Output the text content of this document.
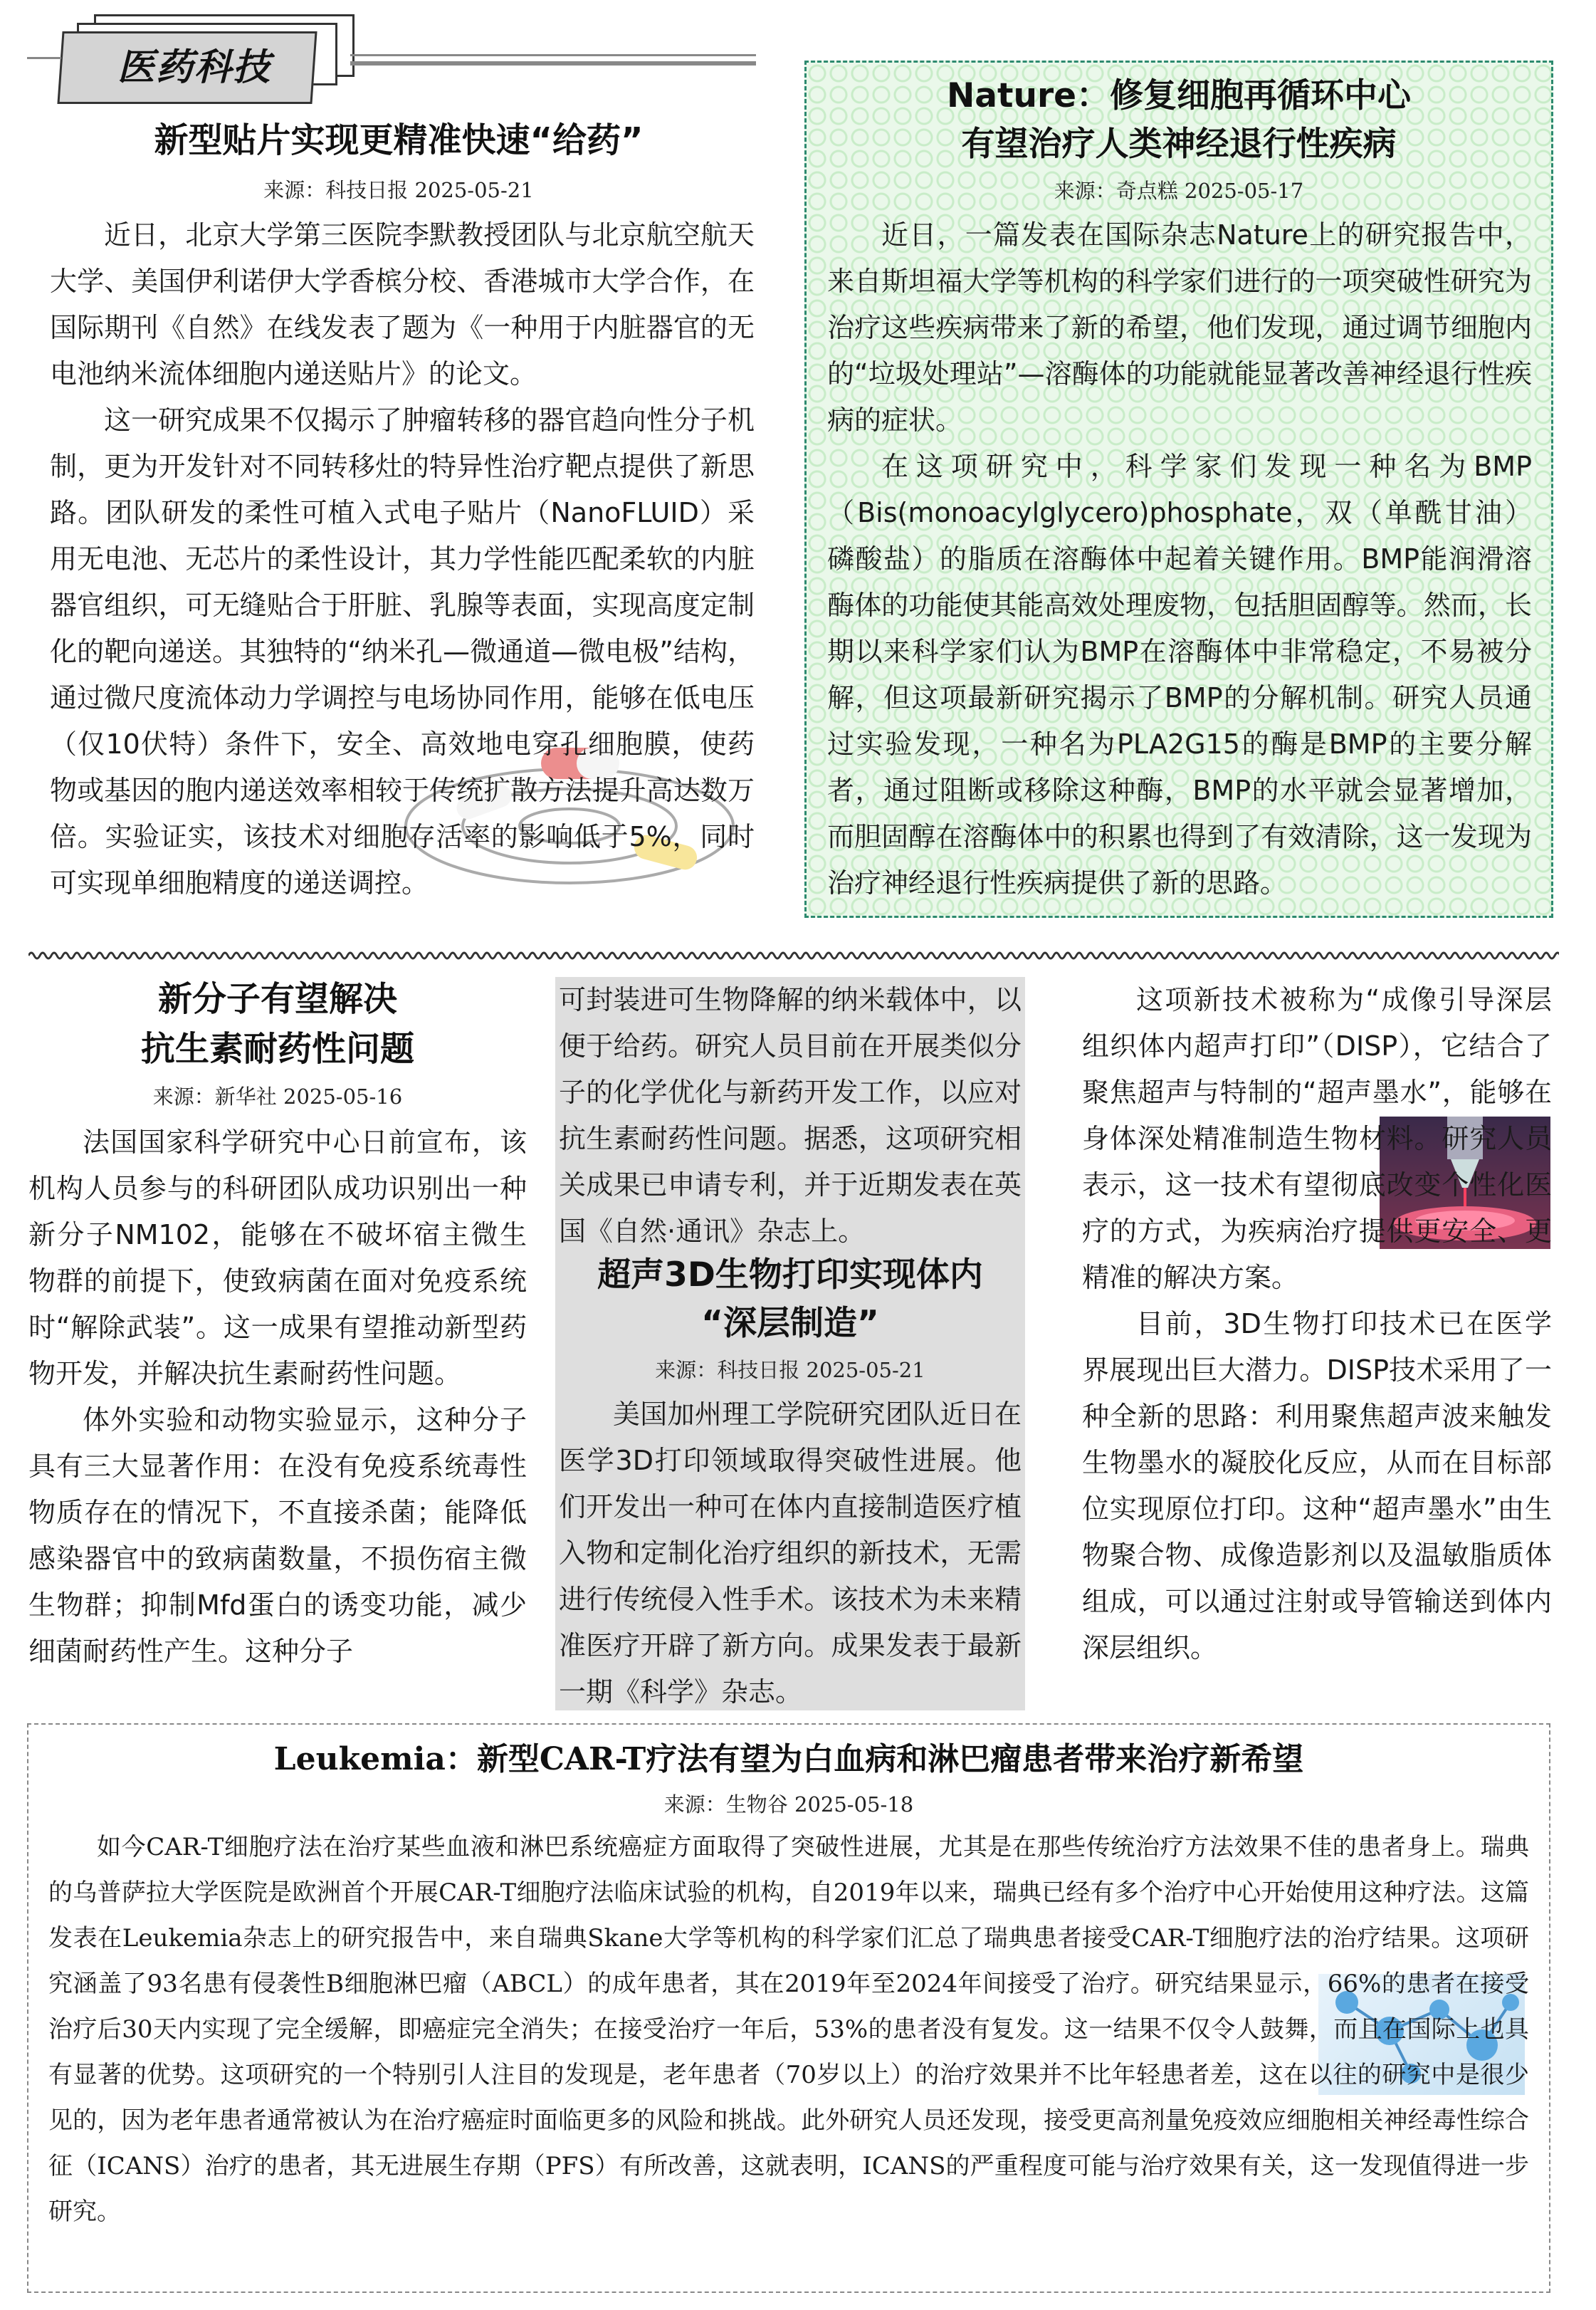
医药科技
新型贴片实现更精准快速“给药”
来源：科技日报 2025-05-21

近日，北京大学第三医院李默教授团队与北京航空航天大学、美国伊利诺伊大学香槟分校、香港城市大学合作，在国际期刊《自然》在线发表了题为《一种用于内脏器官的无电池纳米流体细胞内递送贴片》的论文。

这一研究成果不仅揭示了肿瘤转移的器官趋向性分子机制，更为开发针对不同转移灶的特异性治疗靶点提供了新思路。团队研发的柔性可植入式电子贴片（NanoFLUID）采用无电池、无芯片的柔性设计，其力学性能匹配柔软的内脏器官组织，可无缝贴合于肝脏、乳腺等表面，实现高度定制化的靶向递送。其独特的“纳米孔—微通道—微电极”结构，通过微尺度流体动力学调控与电场协同作用，能够在低电压（仅10伏特）条件下，安全、高效地电穿孔细胞膜，使药物或基因的胞内递送效率相较于传统扩散方法提升高达数万倍。实验证实，该技术对细胞存活率的影响低于5%，同时可实现单细胞精度的递送调控。

Nature：修复细胞再循环中心
有望治疗人类神经退行性疾病
来源：奇点糕 2025-05-17

近日，一篇发表在国际杂志Nature上的研究报告中，来自斯坦福大学等机构的科学家们进行的一项突破性研究为治疗这些疾病带来了新的希望，他们发现，通过调节细胞内的“垃圾处理站”—溶酶体的功能就能显著改善神经退行性疾病的症状。

在这项研究中，科学家们发现一种名为BMP（Bis(monoacylglycero)phosphate，双（单酰甘油）磷酸盐）的脂质在溶酶体中起着关键作用。BMP能润滑溶酶体的功能使其能高效处理废物，包括胆固醇等。然而，长期以来科学家们认为BMP在溶酶体中非常稳定，不易被分解，但这项最新研究揭示了BMP的分解机制。研究人员通过实验发现，一种名为PLA2G15的酶是BMP的主要分解者，通过阻断或移除这种酶，BMP的水平就会显著增加，而胆固醇在溶酶体中的积累也得到了有效清除，这一发现为治疗神经退行性疾病提供了新的思路。

新分子有望解决
抗生素耐药性问题
来源：新华社 2025-05-16

法国国家科学研究中心日前宣布，该机构人员参与的科研团队成功识别出一种新分子NM102，能够在不破坏宿主微生物群的前提下，使致病菌在面对免疫系统时“解除武装”。这一成果有望推动新型药物开发，并解决抗生素耐药性问题。

体外实验和动物实验显示，这种分子具有三大显著作用：在没有免疫系统毒性物质存在的情况下，不直接杀菌；能降低感染器官中的致病菌数量，不损伤宿主微生物群；抑制Mfd蛋白的诱变功能，减少细菌耐药性产生。这种分子

可封装进可生物降解的纳米载体中，以便于给药。研究人员目前在开展类似分子的化学优化与新药开发工作，以应对抗生素耐药性问题。据悉，这项研究相关成果已申请专利，并于近期发表在英国《自然·通讯》杂志上。

超声3D生物打印实现体内
“深层制造”
来源：科技日报 2025-05-21

美国加州理工学院研究团队近日在医学3D打印领域取得突破性进展。他们开发出一种可在体内直接制造医疗植入物和定制化治疗组织的新技术，无需进行传统侵入性手术。该技术为未来精准医疗开辟了新方向。成果发表于最新一期《科学》杂志。

这项新技术被称为“成像引导深层组织体内超声打印”（DISP），它结合了聚焦超声与特制的“超声墨水”，能够在身体深处精准制造生物材料。研究人员表示，这一技术有望彻底改变个性化医疗的方式，为疾病治疗提供更安全、更精准的解决方案。

目前，3D生物打印技术已在医学界展现出巨大潜力。DISP技术采用了一种全新的思路：利用聚焦超声波来触发生物墨水的凝胶化反应，从而在目标部位实现原位打印。这种“超声墨水”由生物聚合物、成像造影剂以及温敏脂质体组成，可以通过注射或导管输送到体内深层组织。

Leukemia：新型CAR-T疗法有望为白血病和淋巴瘤患者带来治疗新希望
来源：生物谷 2025-05-18

如今CAR-T细胞疗法在治疗某些血液和淋巴系统癌症方面取得了突破性进展，尤其是在那些传统治疗方法效果不佳的患者身上。瑞典的乌普萨拉大学医院是欧洲首个开展CAR-T细胞疗法临床试验的机构，自2019年以来，瑞典已经有多个治疗中心开始使用这种疗法。这篇发表在Leukemia杂志上的研究报告中，来自瑞典Skane大学等机构的科学家们汇总了瑞典患者接受CAR-T细胞疗法的治疗结果。这项研究涵盖了93名患有侵袭性B细胞淋巴瘤（ABCL）的成年患者，其在2019年至2024年间接受了治疗。研究结果显示，66%的患者在接受治疗后30天内实现了完全缓解，即癌症完全消失；在接受治疗一年后，53%的患者没有复发。这一结果不仅令人鼓舞，而且在国际上也具有显著的优势。这项研究的一个特别引人注目的发现是，老年患者（70岁以上）的治疗效果并不比年轻患者差，这在以往的研究中是很少见的，因为老年患者通常被认为在治疗癌症时面临更多的风险和挑战。此外研究人员还发现，接受更高剂量免疫效应细胞相关神经毒性综合征（ICANS）治疗的患者，其无进展生存期（PFS）有所改善，这就表明，ICANS的严重程度可能与治疗效果有关，这一发现值得进一步研究。
